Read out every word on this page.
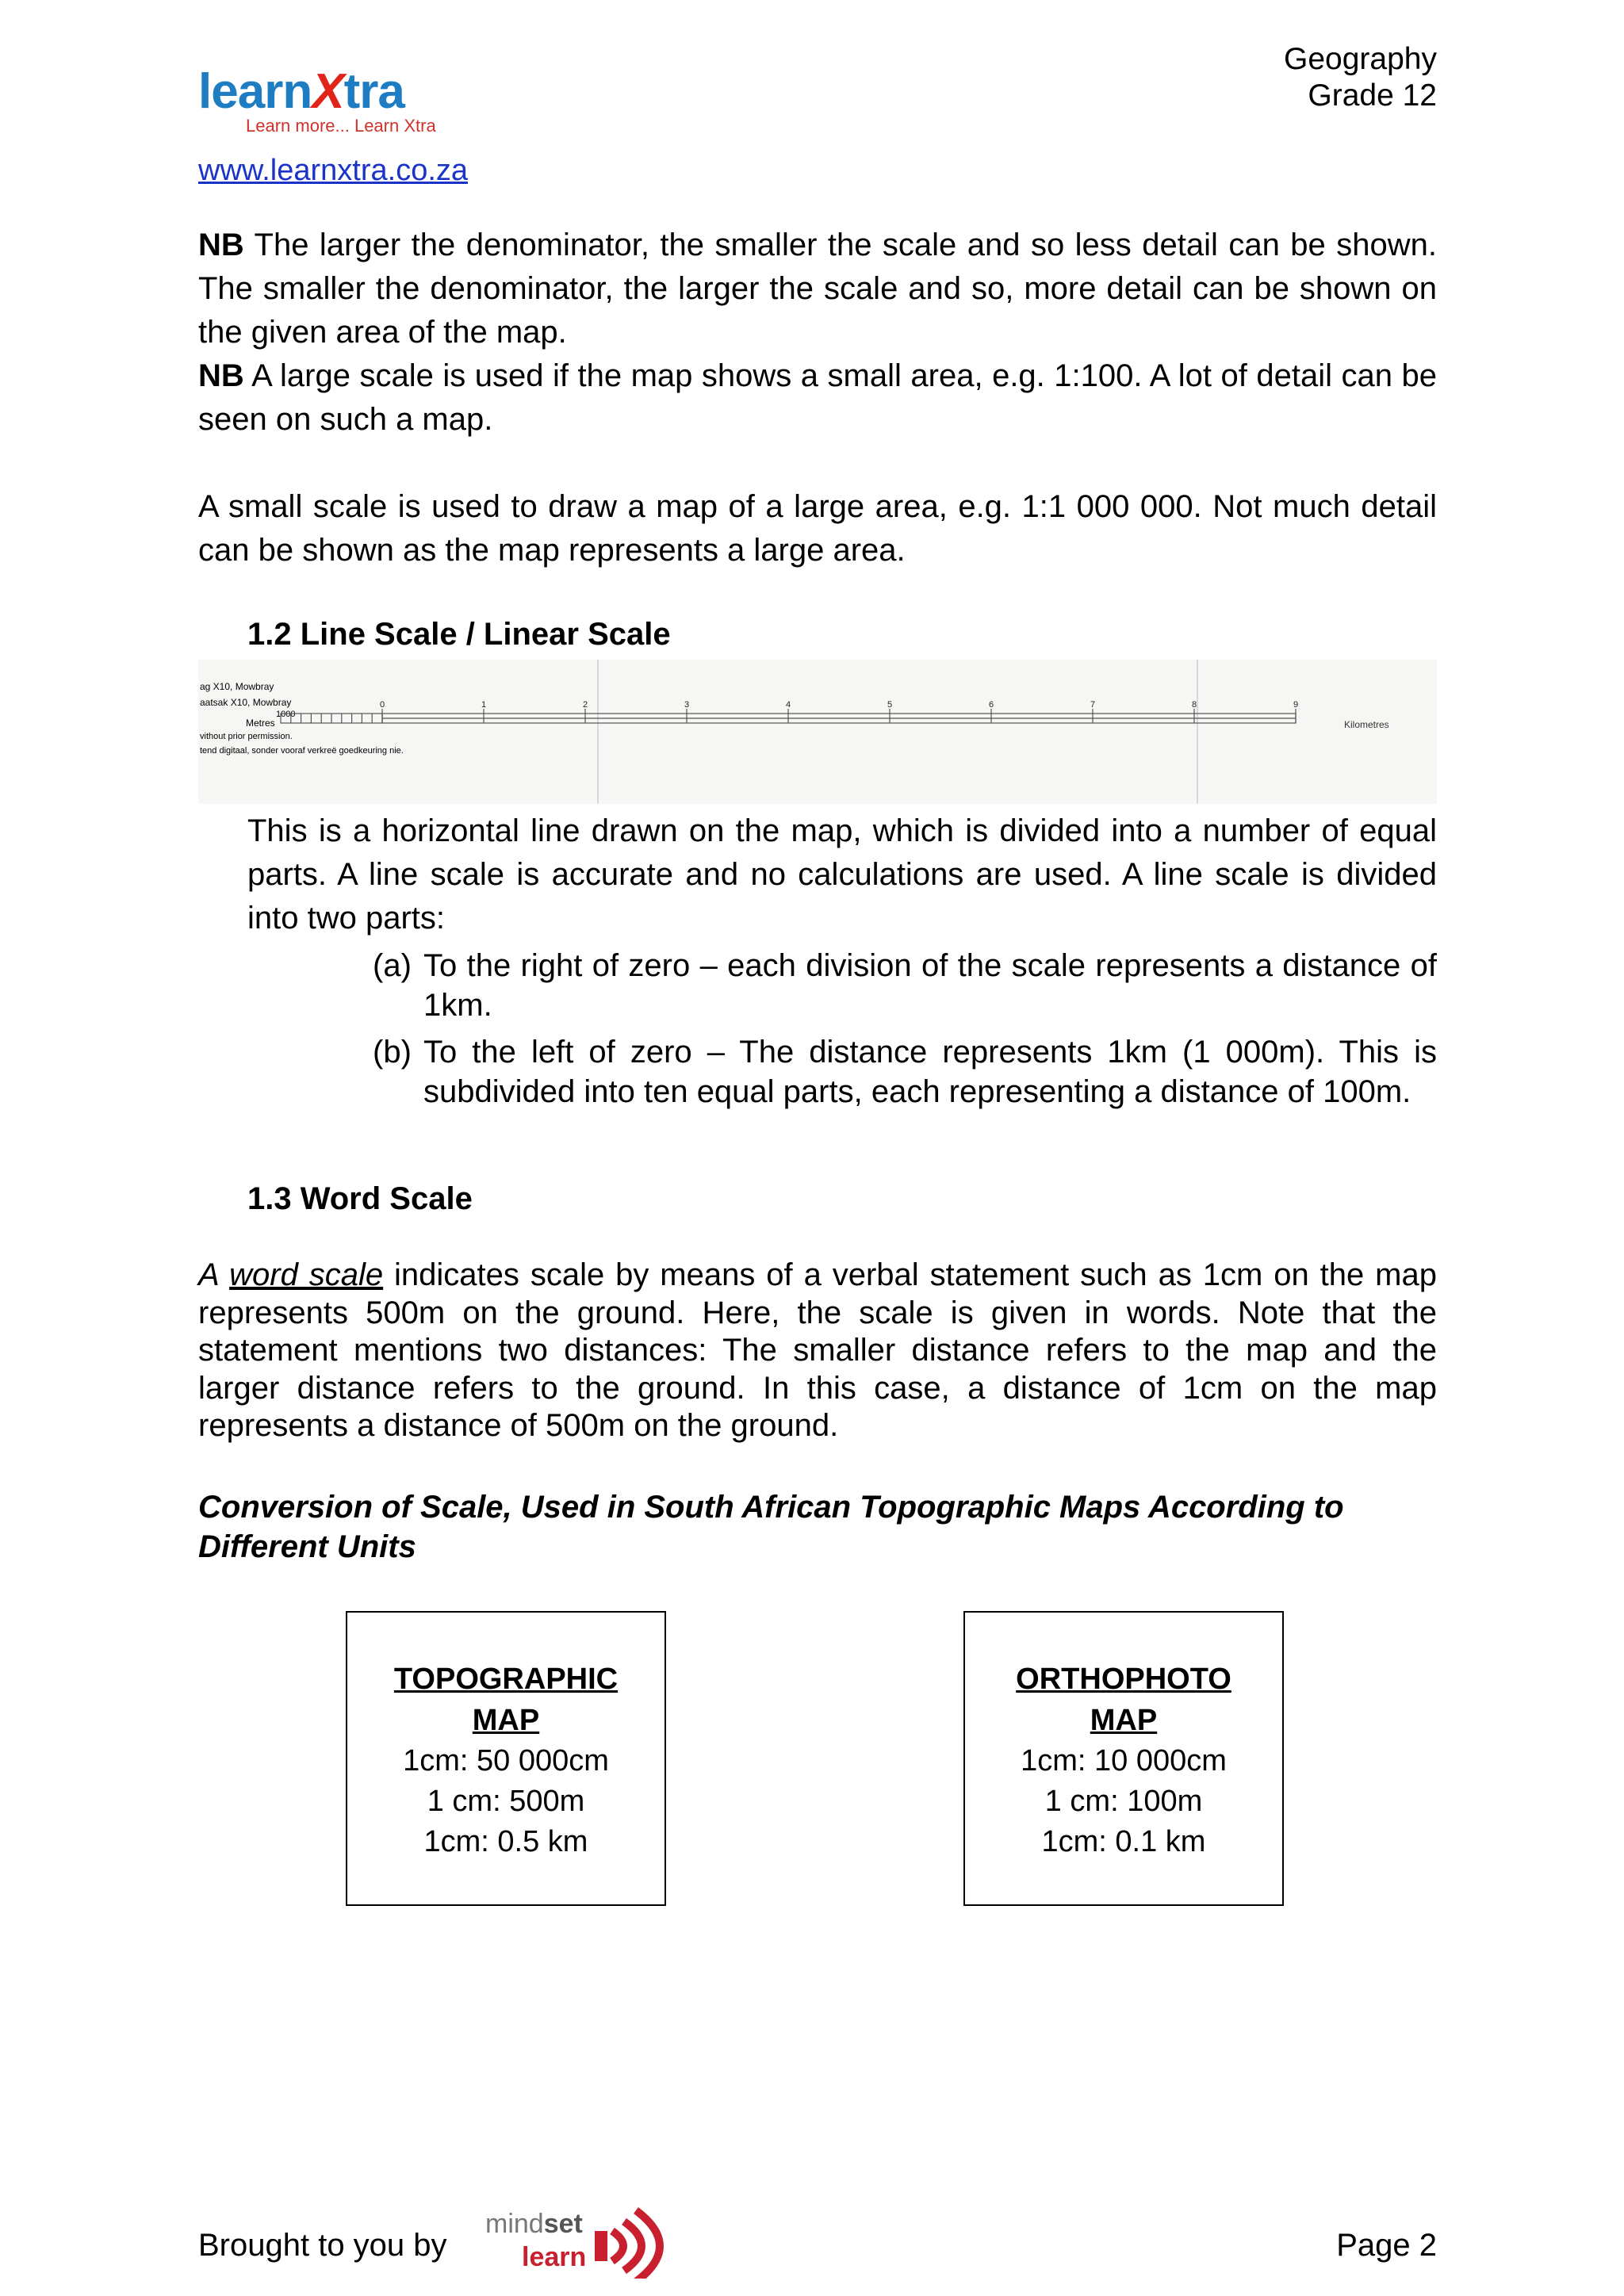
learnXtra
Learn more... Learn Xtra
www.learnxtra.co.za
Geography
Grade 12

NB The larger the denominator, the smaller the scale and so less detail can be shown. The smaller the denominator, the larger the scale and so, more detail can be shown on the given area of the map.

NB A large scale is used if the map shows a small area, e.g. 1:100. A lot of detail can be seen on such a map.

A small scale is used to draw a map of a large area, e.g. 1:1 000 000. Not much detail can be shown as the map represents a large area.

1.2 Line Scale / Linear Scale
ag X10, Mowbray
aatsak X10, Mowbray
1000
Metres
vithout prior permission.
tend digitaal, sonder vooraf verkreë goedkeuring nie.
0	1	2	3	4	5	6	7	8	9
Kilometres

This is a horizontal line drawn on the map, which is divided into a number of equal parts. A line scale is accurate and no calculations are used. A line scale is divided into two parts:

(a) To the right of zero – each division of the scale represents a distance of 1km.
(b) To the left of zero – The distance represents 1km (1 000m). This is subdivided into ten equal parts, each representing a distance of 100m.
1.3 Word Scale

A word scale indicates scale by means of a verbal statement such as 1cm on the map represents 500m on the ground. Here, the scale is given in words. Note that the statement mentions two distances: The smaller distance refers to the map and the larger distance refers to the ground. In this case, a distance of 1cm on the map represents a distance of 500m on the ground.

Conversion of Scale, Used in South African Topographic Maps According to Different Units

TOPOGRAPHIC MAP
1cm: 50 000cm
1 cm: 500m
1cm: 0.5 km
ORTHOPHOTO MAP
1cm: 10 000cm
1 cm: 100m
1cm: 0.1 km
Brought to you by
mindset
learn	Page 2
